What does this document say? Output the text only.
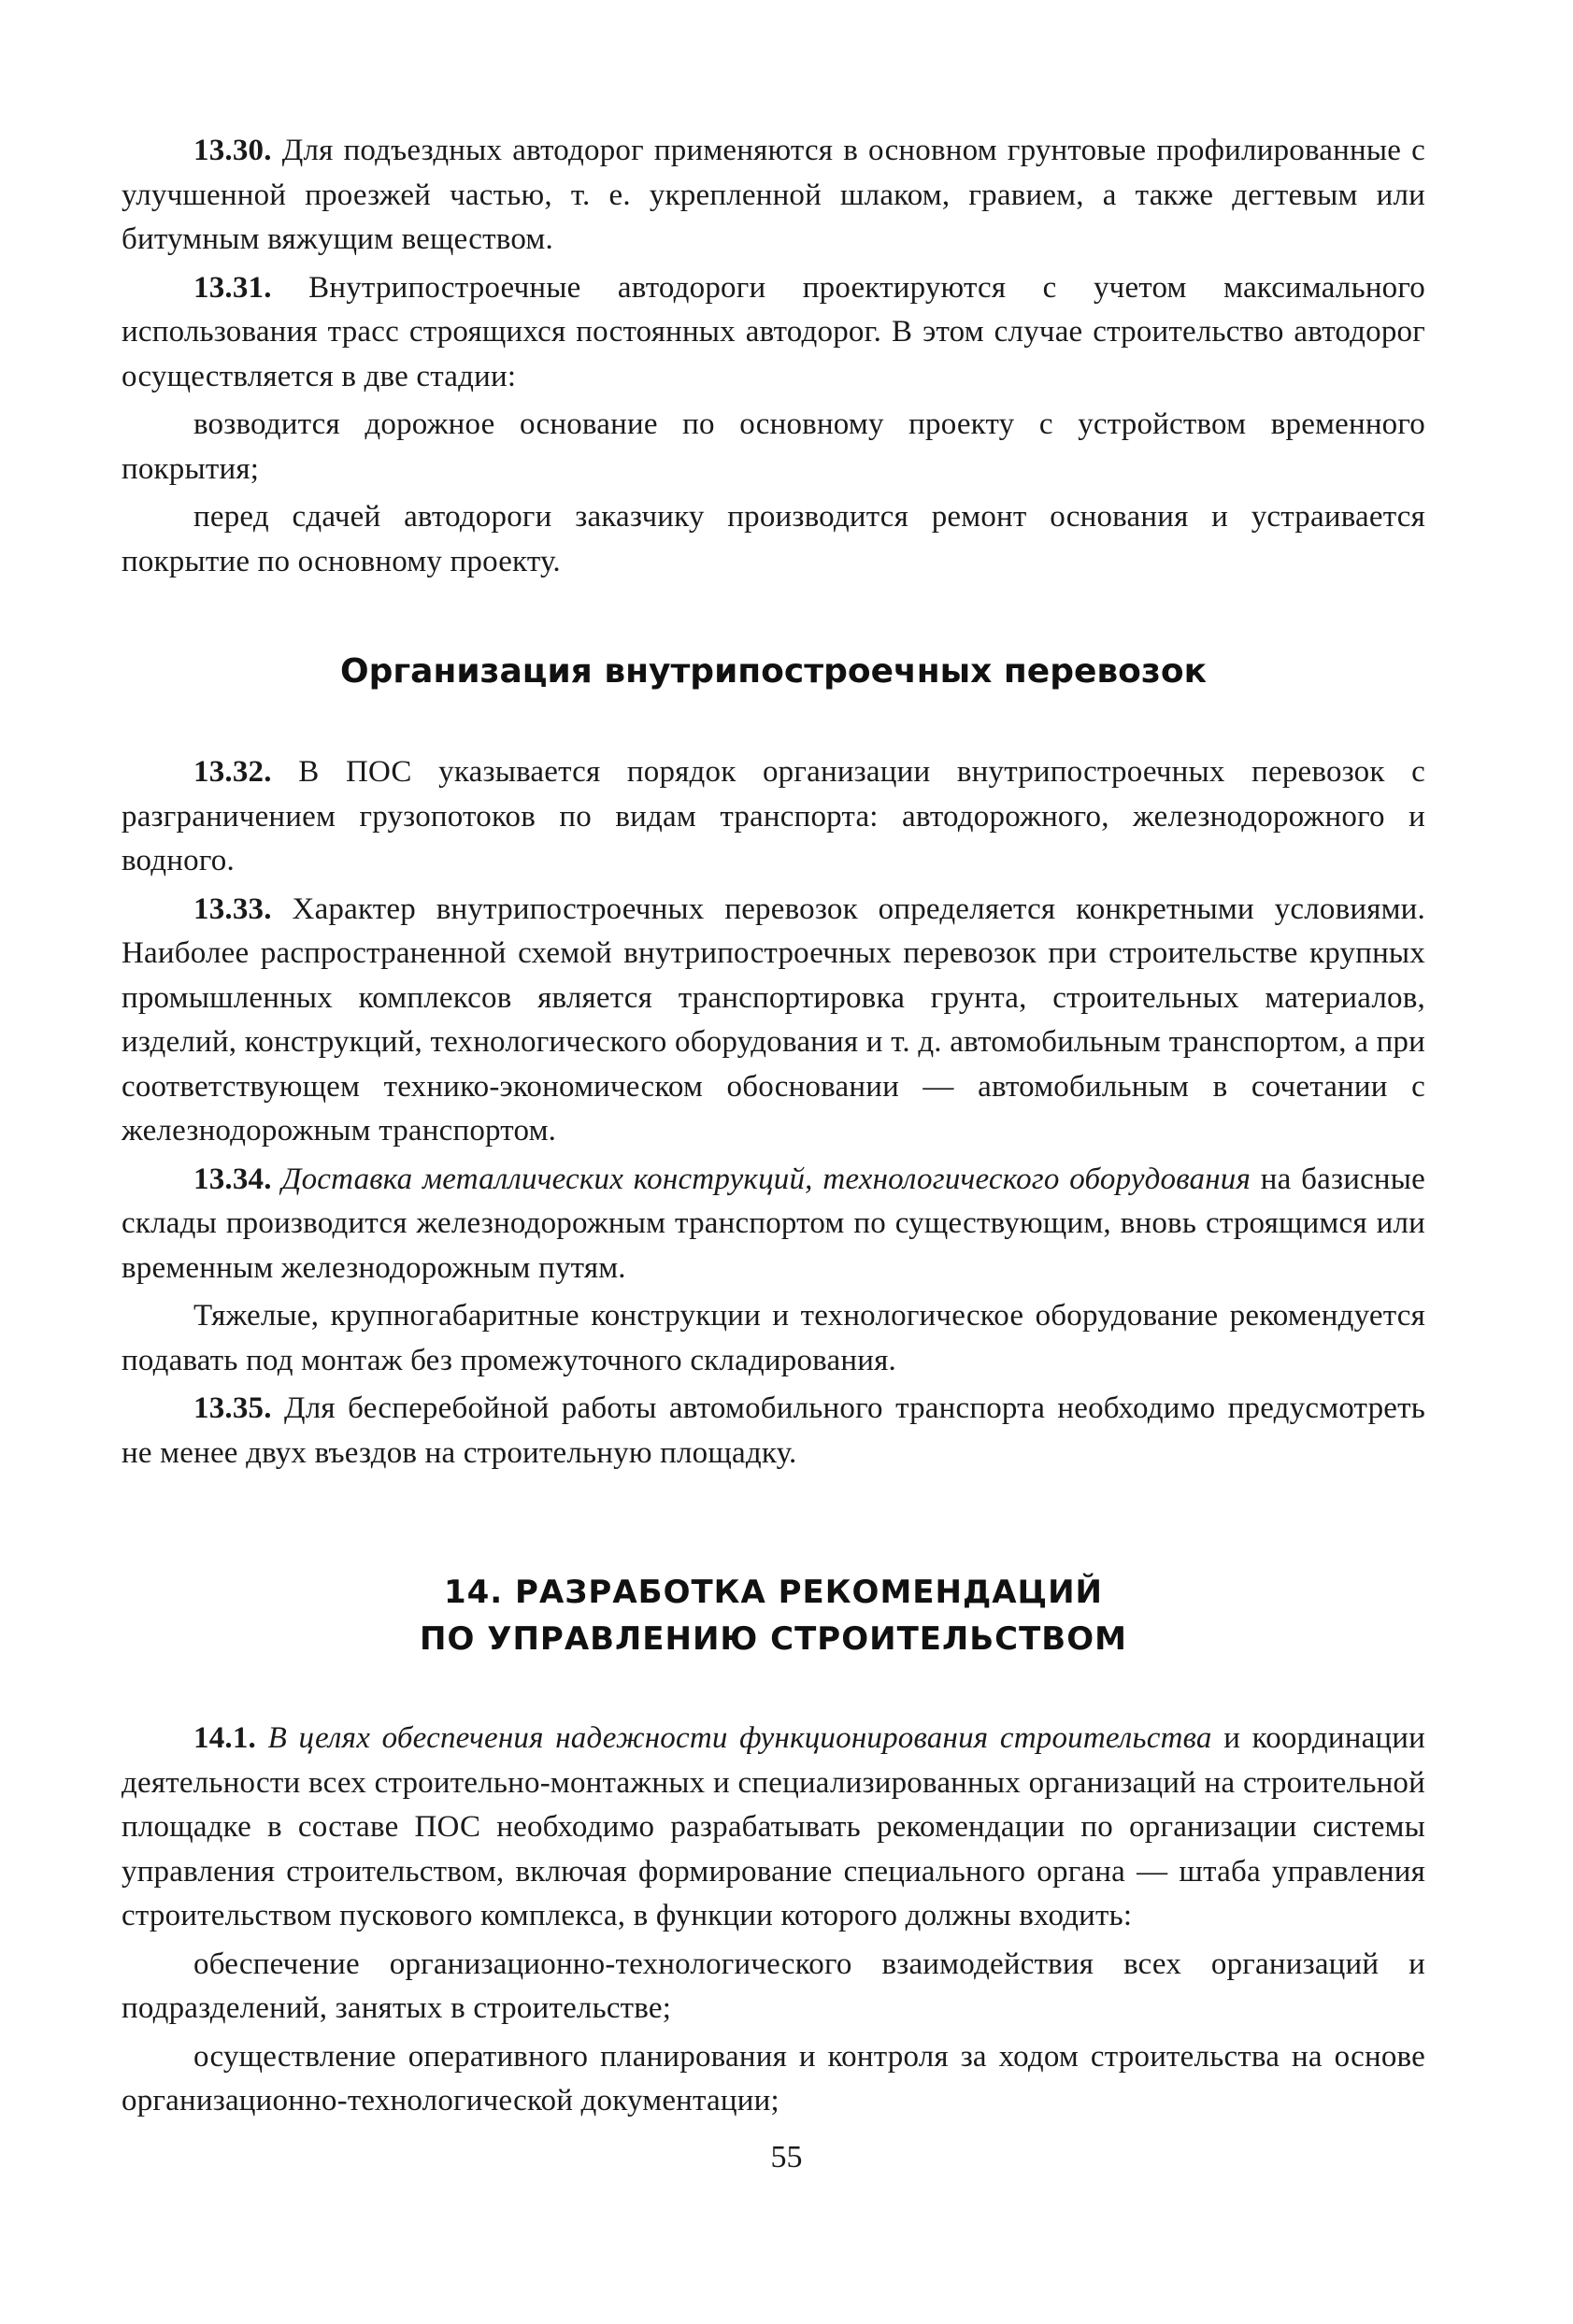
13.30. Для подъездных автодорог применяются в основном грунтовые профилированные с улучшенной проезжей частью, т. е. укрепленной шлаком, гравием, а также дегтевым или битумным вяжущим веществом.

13.31. Внутрипостроечные автодороги проектируются с учетом максимального использования трасс строящихся постоянных автодорог. В этом случае строительство автодорог осуществляется в две стадии:

возводится дорожное основание по основному проекту с устройством временного покрытия;

перед сдачей автодороги заказчику производится ремонт основания и устраивается покрытие по основному проекту.

Организация внутрипостроечных перевозок

13.32. В ПОС указывается порядок организации внутрипостроечных перевозок с разграничением грузопотоков по видам транспорта: автодорожного, железнодорожного и водного.

13.33. Характер внутрипостроечных перевозок определяется конкретными условиями. Наиболее распространенной схемой внутрипостроечных перевозок при строительстве крупных промышленных комплексов является транспортировка грунта, строительных материалов, изделий, конструкций, технологического оборудования и т. д. автомобильным транспортом, а при соответствующем технико-экономическом обосновании — автомобильным в сочетании с железнодорожным транспортом.

13.34. Доставка металлических конструкций, технологического оборудования на базисные склады производится железнодорожным транспортом по существующим, вновь строящимся или временным железнодорожным путям.

Тяжелые, крупногабаритные конструкции и технологическое оборудование рекомендуется подавать под монтаж без промежуточного складирования.

13.35. Для бесперебойной работы автомобильного транспорта необходимо предусмотреть не менее двух въездов на строительную площадку.

14. РАЗРАБОТКА РЕКОМЕНДАЦИЙ
ПО УПРАВЛЕНИЮ СТРОИТЕЛЬСТВОМ

14.1. В целях обеспечения надежности функционирования строительства и координации деятельности всех строительно-монтажных и специализированных организаций на строительной площадке в составе ПОС необходимо разрабатывать рекомендации по организации системы управления строительством, включая формирование специального органа — штаба управления строительством пускового комплекса, в функции которого должны входить:

обеспечение организационно-технологического взаимодействия всех организаций и подразделений, занятых в строительстве;

осуществление оперативного планирования и контроля за ходом строительства на основе организационно-технологической документации;

55
